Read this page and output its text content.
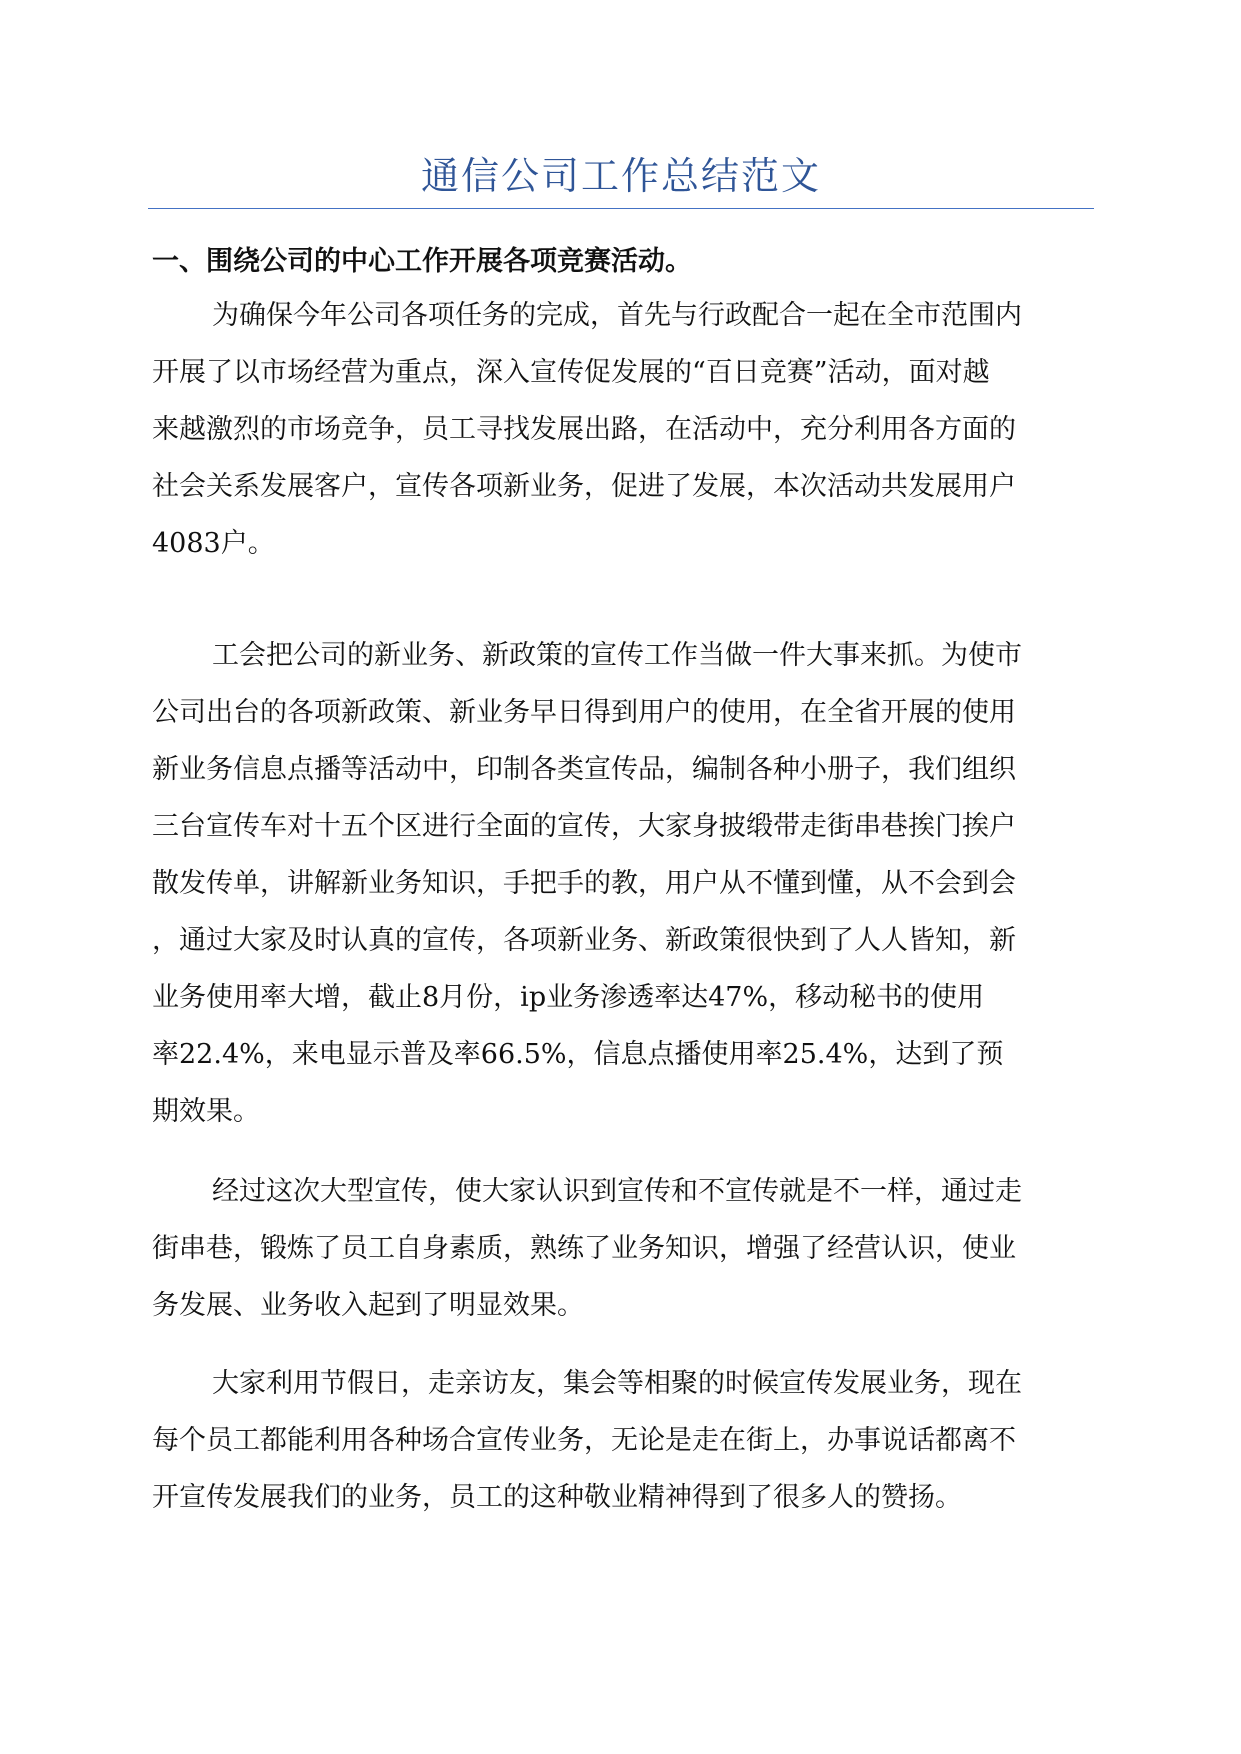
通信公司工作总结范文
一、围绕公司的中心工作开展各项竞赛活动。

为确保今年公司各项任务的完成，首先与行政配合一起在全市范围内
开展了以市场经营为重点，深入宣传促发展的“百日竞赛”活动，面对越
来越激烈的市场竞争，员工寻找发展出路，在活动中，充分利用各方面的
社会关系发展客户，宣传各项新业务，促进了发展，本次活动共发展用户
4083户。

工会把公司的新业务、新政策的宣传工作当做一件大事来抓。为使市
公司出台的各项新政策、新业务早日得到用户的使用，在全省开展的使用
新业务信息点播等活动中，印制各类宣传品，编制各种小册子，我们组织
三台宣传车对十五个区进行全面的宣传，大家身披缎带走街串巷挨门挨户
散发传单，讲解新业务知识，手把手的教，用户从不懂到懂，从不会到会
，通过大家及时认真的宣传，各项新业务、新政策很快到了人人皆知，新
业务使用率大增，截止8月份，ip业务渗透率达47%，移动秘书的使用
率22.4%，来电显示普及率66.5%，信息点播使用率25.4%，达到了预
期效果。

经过这次大型宣传，使大家认识到宣传和不宣传就是不一样，通过走
街串巷，锻炼了员工自身素质，熟练了业务知识，增强了经营认识，使业
务发展、业务收入起到了明显效果。

大家利用节假日，走亲访友，集会等相聚的时候宣传发展业务，现在
每个员工都能利用各种场合宣传业务，无论是走在街上，办事说话都离不
开宣传发展我们的业务，员工的这种敬业精神得到了很多人的赞扬。
